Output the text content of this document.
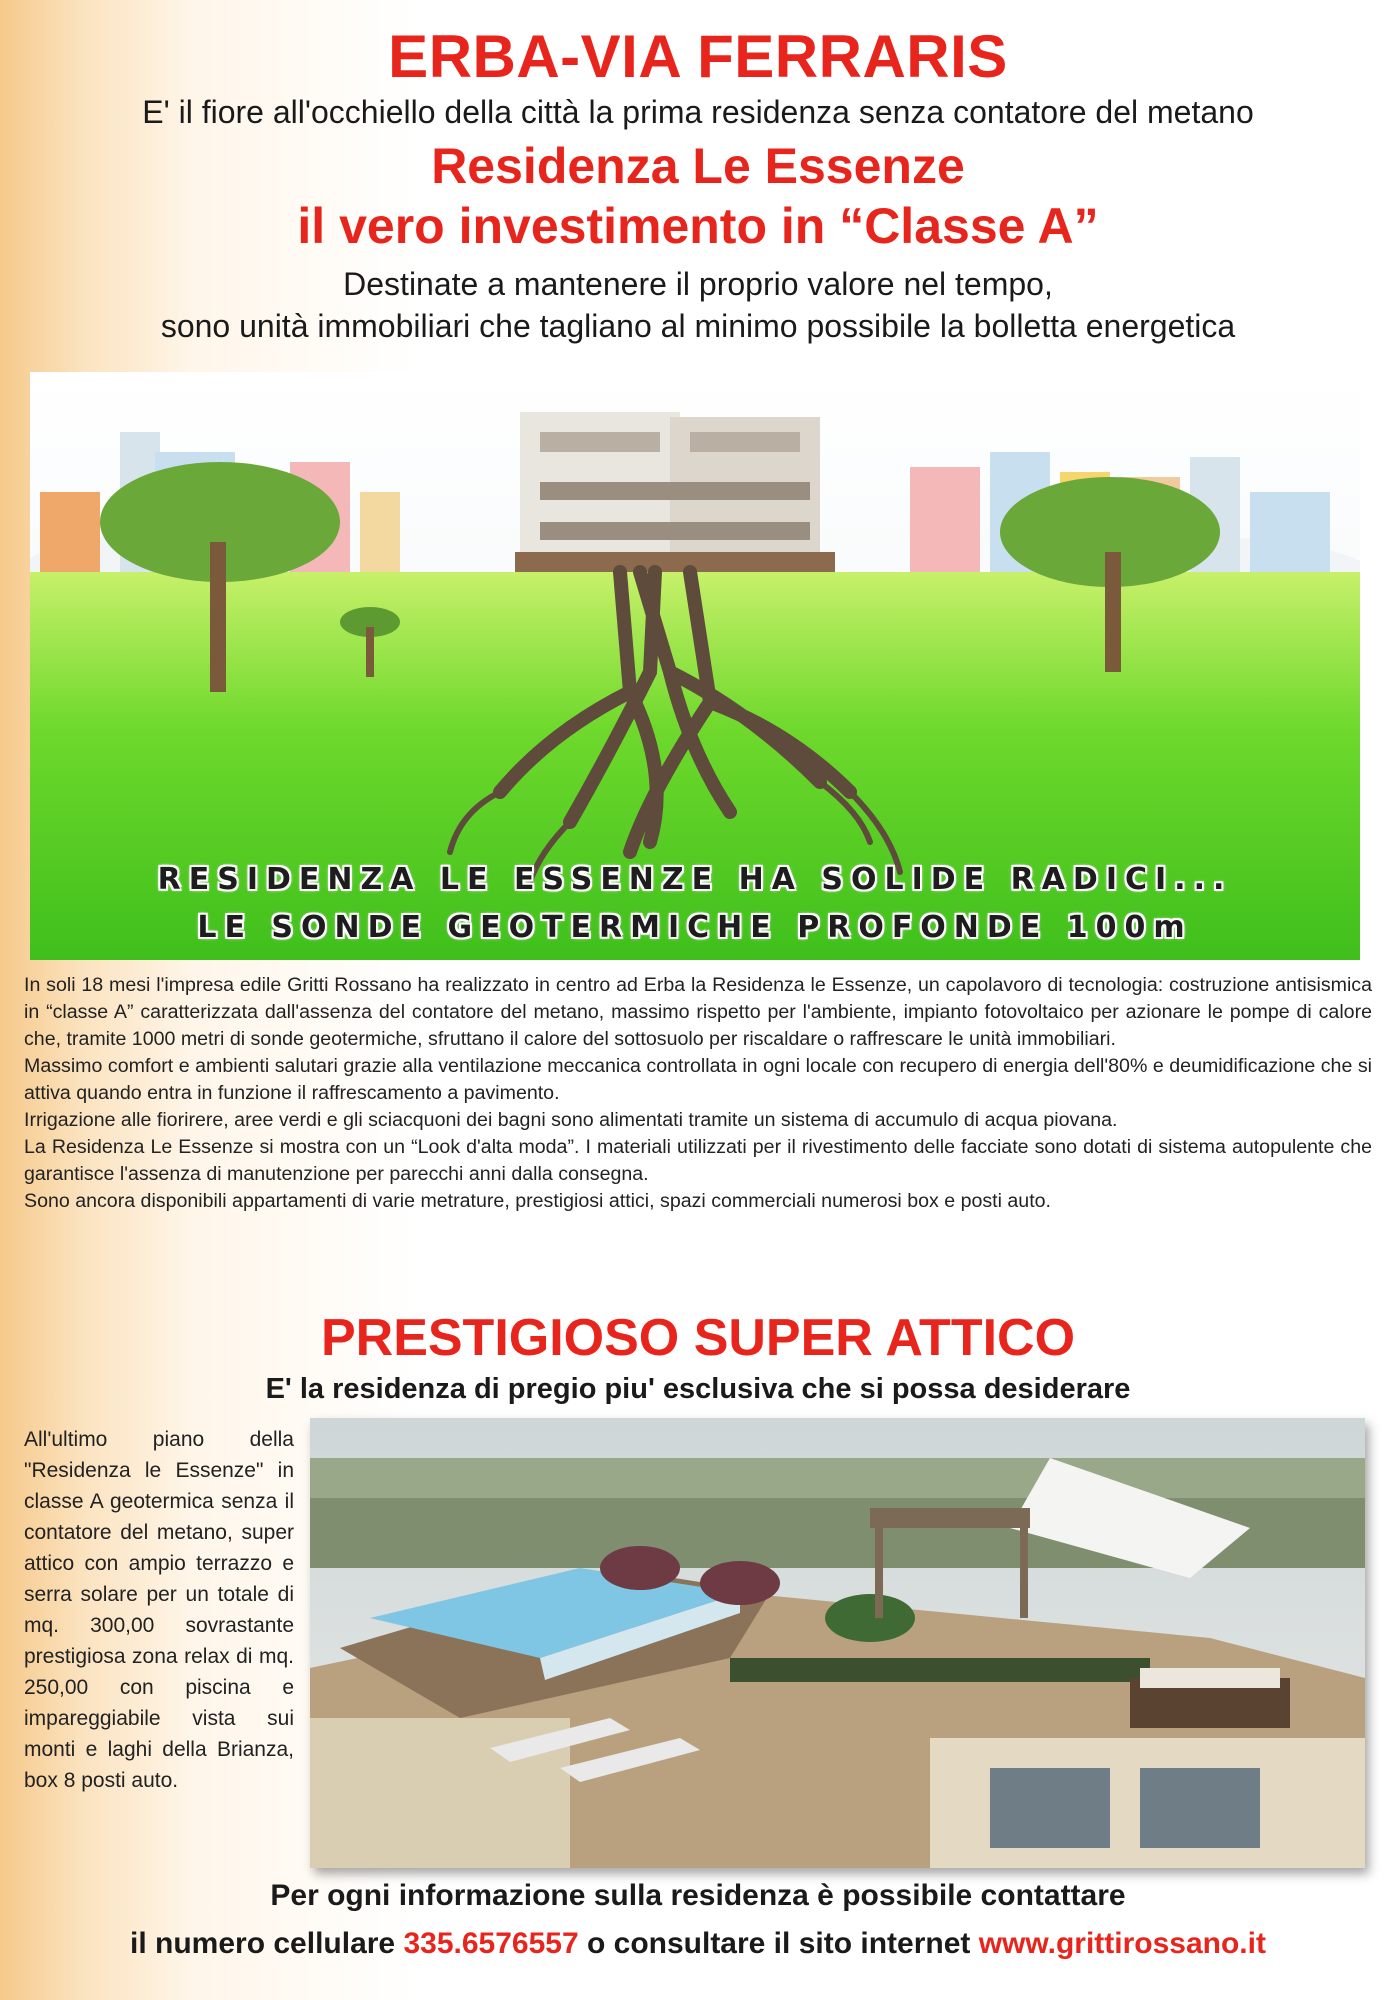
ERBA-VIA FERRARIS
E' il fiore all'occhiello della città la prima residenza senza contatore del metano
Residenza Le Essenze
il vero investimento in “Classe A”
Destinate a mantenere il proprio valore nel tempo,
sono unità immobiliari che tagliano al minimo possibile la bolletta energetica
RESIDENZA LE ESSENZE HA SOLIDE RADICI...
LE SONDE GEOTERMICHE PROFONDE 100m

In soli 18 mesi l'impresa edile Gritti Rossano ha realizzato in centro ad Erba la Residenza le Essenze, un capolavoro di tecnologia: costruzione antisismica in “classe A” caratterizzata dall'assenza del contatore del metano, massimo rispetto per l'ambiente, impianto fotovoltaico per azionare le pompe di calore che, tramite 1000 metri di sonde geotermiche, sfruttano il calore del sottosuolo per riscaldare o raffrescare le unità immobiliari.

Massimo comfort e ambienti salutari grazie alla ventilazione meccanica controllata in ogni locale con recupero di energia dell'80% e deumidificazione che si attiva quando entra in funzione il raffrescamento a pavimento.

Irrigazione alle fiorirere, aree verdi e gli sciacquoni dei bagni sono alimentati tramite un sistema di accumulo di acqua piovana.

La Residenza Le Essenze si mostra con un “Look d'alta moda”. I materiali utilizzati per il rivestimento delle facciate sono dotati di sistema autopulente che garantisce l'assenza di manutenzione per parecchi anni dalla consegna.

Sono ancora disponibili appartamenti di varie metrature, prestigiosi attici, spazi commerciali numerosi box e posti auto.

PRESTIGIOSO SUPER ATTICO
E' la residenza di pregio piu' esclusiva che si possa desiderare
All'ultimo piano della "Residenza le Essenze" in classe A geotermica senza il contatore del metano, super attico con ampio terrazzo e serra solare per un totale di mq. 300,00 sovrastante prestigiosa zona relax di mq. 250,00 con piscina e impareggiabile vista sui monti e laghi della Brianza, box 8 posti auto.
Per ogni informazione sulla residenza è possibile contattare
il numero cellulare 335.6576557 o consultare il sito internet www.grittirossano.it
